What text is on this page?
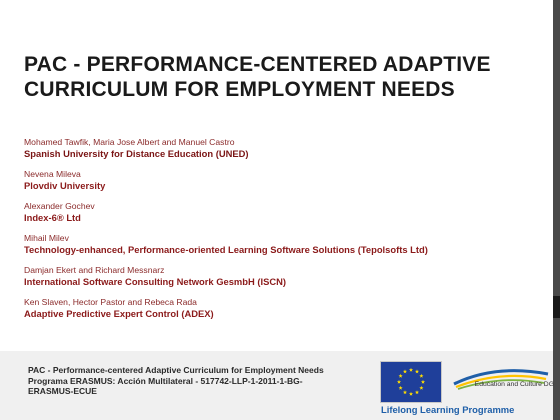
PAC - PERFORMANCE-CENTERED ADAPTIVE
CURRICULUM FOR EMPLOYMENT NEEDS
Mohamed Tawfik, Maria Jose Albert and Manuel Castro
Spanish University for Distance Education (UNED)
Nevena Mileva
Plovdiv University
Alexander Gochev
Index-6® Ltd
Mihail Milev
Technology-enhanced, Performance-oriented Learning Software Solutions (Tepolsofts Ltd)
Damjan Ekert and Richard Messnarz
International Software Consulting Network GesmbH (ISCN)
Ken Slaven, Hector Pastor and Rebeca Rada
Adaptive Predictive Expert Control (ADEX)
PAC - Performance-centered Adaptive Curriculum for Employment Needs
Programa ERASMUS: Acción Multilateral - 517742-LLP-1-2011-1-BG-
ERASMUS-ECUE
Education and Culture DG
Lifelong Learning Programme
